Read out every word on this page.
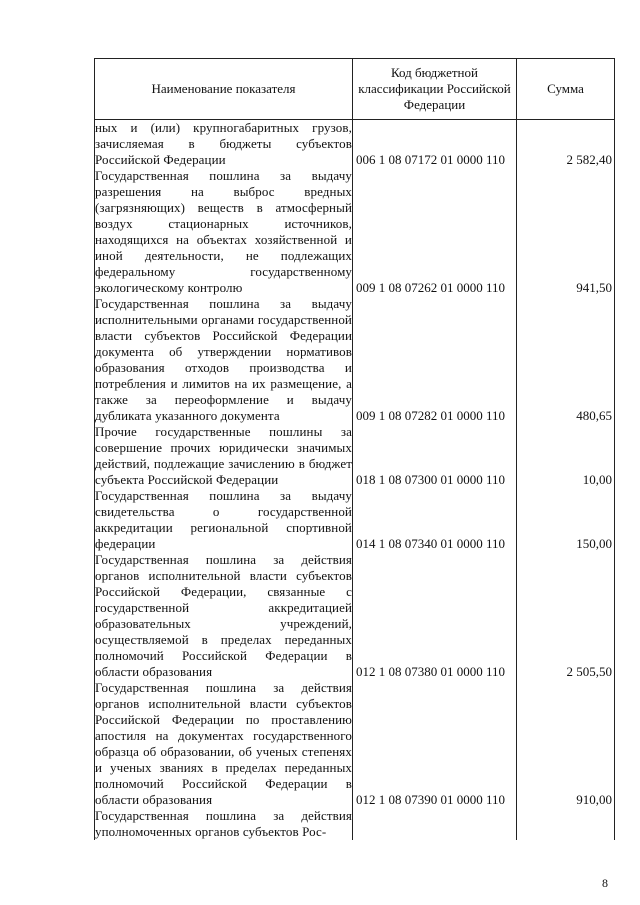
Наименование показателя	Код бюджетной классификации Российской Федерации	Сумма
ных и (или) крупногабаритных грузов, зачисляемая в бюджеты субъектов Российской Федерации	006 1 08 07172 01 0000 110	2 582,40
Государственная пошлина за выдачу разрешения на выброс вредных (загрязняющих) веществ в атмосферный воздух стационарных источников, находящихся на объектах хозяйственной и иной деятельности, не подлежащих федеральному государственному экологическому контролю	009 1 08 07262 01 0000 110	941,50
Государственная пошлина за выдачу исполнительными органами государственной власти субъектов Российской Федерации документа об утверждении нормативов образования отходов производства и потребления и лимитов на их размещение, а также за переоформление и выдачу дубликата указанного документа	009 1 08 07282 01 0000 110	480,65
Прочие государственные пошлины за совершение прочих юридически значимых действий, подлежащие зачислению в бюджет субъекта Российской Федерации	018 1 08 07300 01 0000 110	10,00
Государственная пошлина за выдачу свидетельства о государственной аккредитации региональной спортивной федерации	014 1 08 07340 01 0000 110	150,00
Государственная пошлина за действия органов исполнительной власти субъектов Российской Федерации, связанные с государственной аккредитацией образовательных учреждений, осуществляемой в пределах переданных полномочий Российской Федерации в области образования	012 1 08 07380 01 0000 110	2 505,50
Государственная пошлина за действия органов исполнительной власти субъектов Российской Федерации по проставлению апостиля на документах государственного образца об образовании, об ученых степенях и ученых званиях в пределах переданных полномочий Российской Федерации в области образования	012 1 08 07390 01 0000 110	910,00
Государственная пошлина за действия уполномоченных органов субъектов Рос-		
8
